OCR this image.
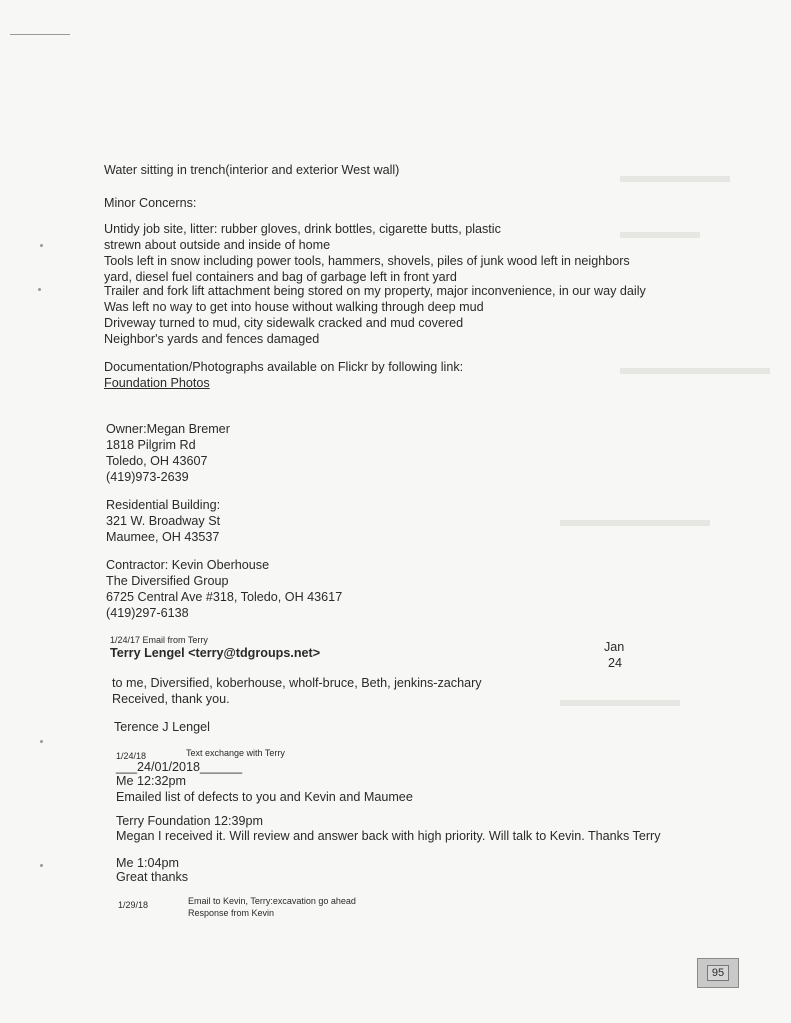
Water sitting in trench(interior and exterior West wall)
Minor Concerns:
Untidy job site, litter: rubber gloves, drink bottles, cigarette butts, plastic
strewn about outside and inside of home
Tools left in snow including power tools, hammers, shovels, piles of junk wood left in neighbors
yard, diesel fuel containers and bag of garbage left in front yard
Trailer and fork lift attachment being stored on my property, major inconvenience, in our way daily
Was left no way to get into house without walking through deep mud
Driveway turned to mud, city sidewalk cracked and mud covered
Neighbor's yards and fences damaged
Documentation/Photographs available on Flickr by following link:
Foundation Photos
Owner:Megan Bremer
1818 Pilgrim Rd
Toledo, OH 43607
(419)973-2639
Residential Building:
321 W. Broadway St
Maumee, OH 43537
Contractor: Kevin Oberhouse
The Diversified Group
6725 Central Ave #318, Toledo, OH 43617
(419)297-6138
1/24/17 Email from Terry
Terry Lengel <terry@tdgroups.net>	Jan
24
to me, Diversified, koberhouse, wholf-bruce, Beth, jenkins-zachary
Received, thank you.
Terence J Lengel
1/24/18	Text exchange with Terry
___24/01/2018______
Me 12:32pm
Emailed list of defects to you and Kevin and Maumee
Terry Foundation 12:39pm
Megan I received it. Will review and answer back with high priority. Will talk to Kevin. Thanks Terry
Me 1:04pm
Great thanks
1/29/18	Email to Kevin, Terry:excavation go ahead
Response from Kevin
95
